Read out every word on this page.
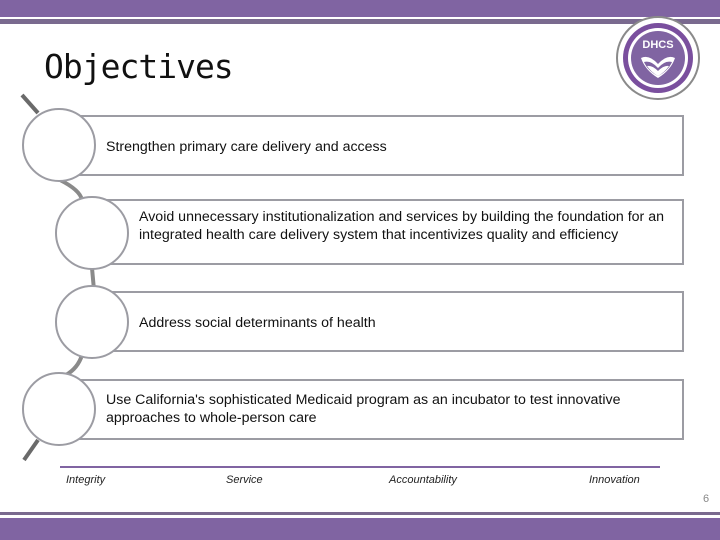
Objectives
DHCS
Strengthen primary care delivery and access
Avoid unnecessary institutionalization and services by building the foundation for an integrated health care delivery system that incentivizes quality and efficiency
Address social determinants of health
Use California's sophisticated Medicaid program as an incubator to test innovative approaches to whole-person care
Integrity	Service	Accountability	Innovation
6
